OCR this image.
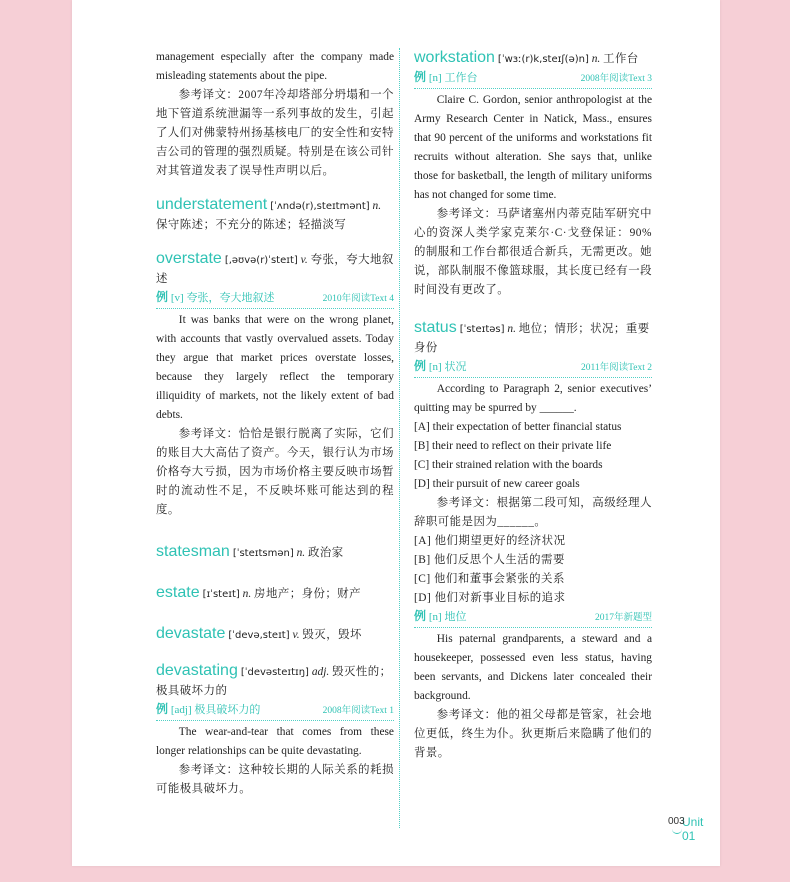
management especially after the company made misleading statements about the pipe.

参考译文：2007年冷却塔部分坍塌和一个地下管道系统泄漏等一系列事故的发生，引起了人们对佛蒙特州扬基核电厂的安全性和安特吉公司的管理的强烈质疑。特别是在该公司针对其管道发表了误导性声明以后。

understatement [ˈʌndə(r),steɪtmənt] n. 保守陈述；不充分的陈述；轻描淡写
overstate [,əʊvə(r)ˈsteɪt] v. 夸张，夸大地叙述
例 [v] 夸张，夸大地叙述	2010年阅读Text 4

It was banks that were on the wrong planet, with accounts that vastly overvalued assets. Today they argue that market prices overstate losses, because they largely reflect the temporary illiquidity of markets, not the likely extent of bad debts.

参考译文：恰恰是银行脱离了实际，它们的账目大大高估了资产。今天，银行认为市场价格夸大亏损，因为市场价格主要反映市场暂时的流动性不足，不反映坏账可能达到的程度。

statesman [ˈsteɪtsmən] n. 政治家
estate [ɪˈsteɪt] n. 房地产；身份；财产
devastate [ˈdevə,steɪt] v. 毁灭，毁坏
devastating [ˈdevəsteɪtɪŋ] adj. 毁灭性的；极具破坏力的
例 [adj] 极具破坏力的	2008年阅读Text 1

The wear-and-tear that comes from these longer relationships can be quite devastating.

参考译文：这种较长期的人际关系的耗损可能极具破坏力。

workstation [ˈwɜː(r)k,steɪʃ(ə)n] n. 工作台
例 [n] 工作台	2008年阅读Text 3

Claire C. Gordon, senior anthropologist at the Army Research Center in Natick, Mass., ensures that 90 percent of the uniforms and workstations fit recruits without alteration. She says that, unlike those for basketball, the length of military uniforms has not changed for some time.

参考译文：马萨诸塞州内蒂克陆军研究中心的资深人类学家克莱尔·C·戈登保证：90%的制服和工作台都很适合新兵，无需更改。她说，部队制服不像篮球服，其长度已经有一段时间没有更改了。

status [ˈsteɪtəs] n. 地位；情形；状况；重要身份
例 [n] 状况	2011年阅读Text 2

According to Paragraph 2, senior executives’ quitting may be spurred by ______.

[A] their expectation of better financial status

[B] their need to reflect on their private life

[C] their strained relation with the boards

[D] their pursuit of new career goals

参考译文：根据第二段可知，高级经理人辞职可能是因为______。

[A] 他们期望更好的经济状况

[B] 他们反思个人生活的需要

[C] 他们和董事会紧张的关系

[D] 他们对新事业目标的追求

例 [n] 地位	2017年新题型

His paternal grandparents, a steward and a housekeeper, possessed even less status, having been servants, and Dickens later concealed their background.

参考译文：他的祖父母都是管家，社会地位更低，终生为仆。狄更斯后来隐瞒了他们的背景。

Unit 01
003
